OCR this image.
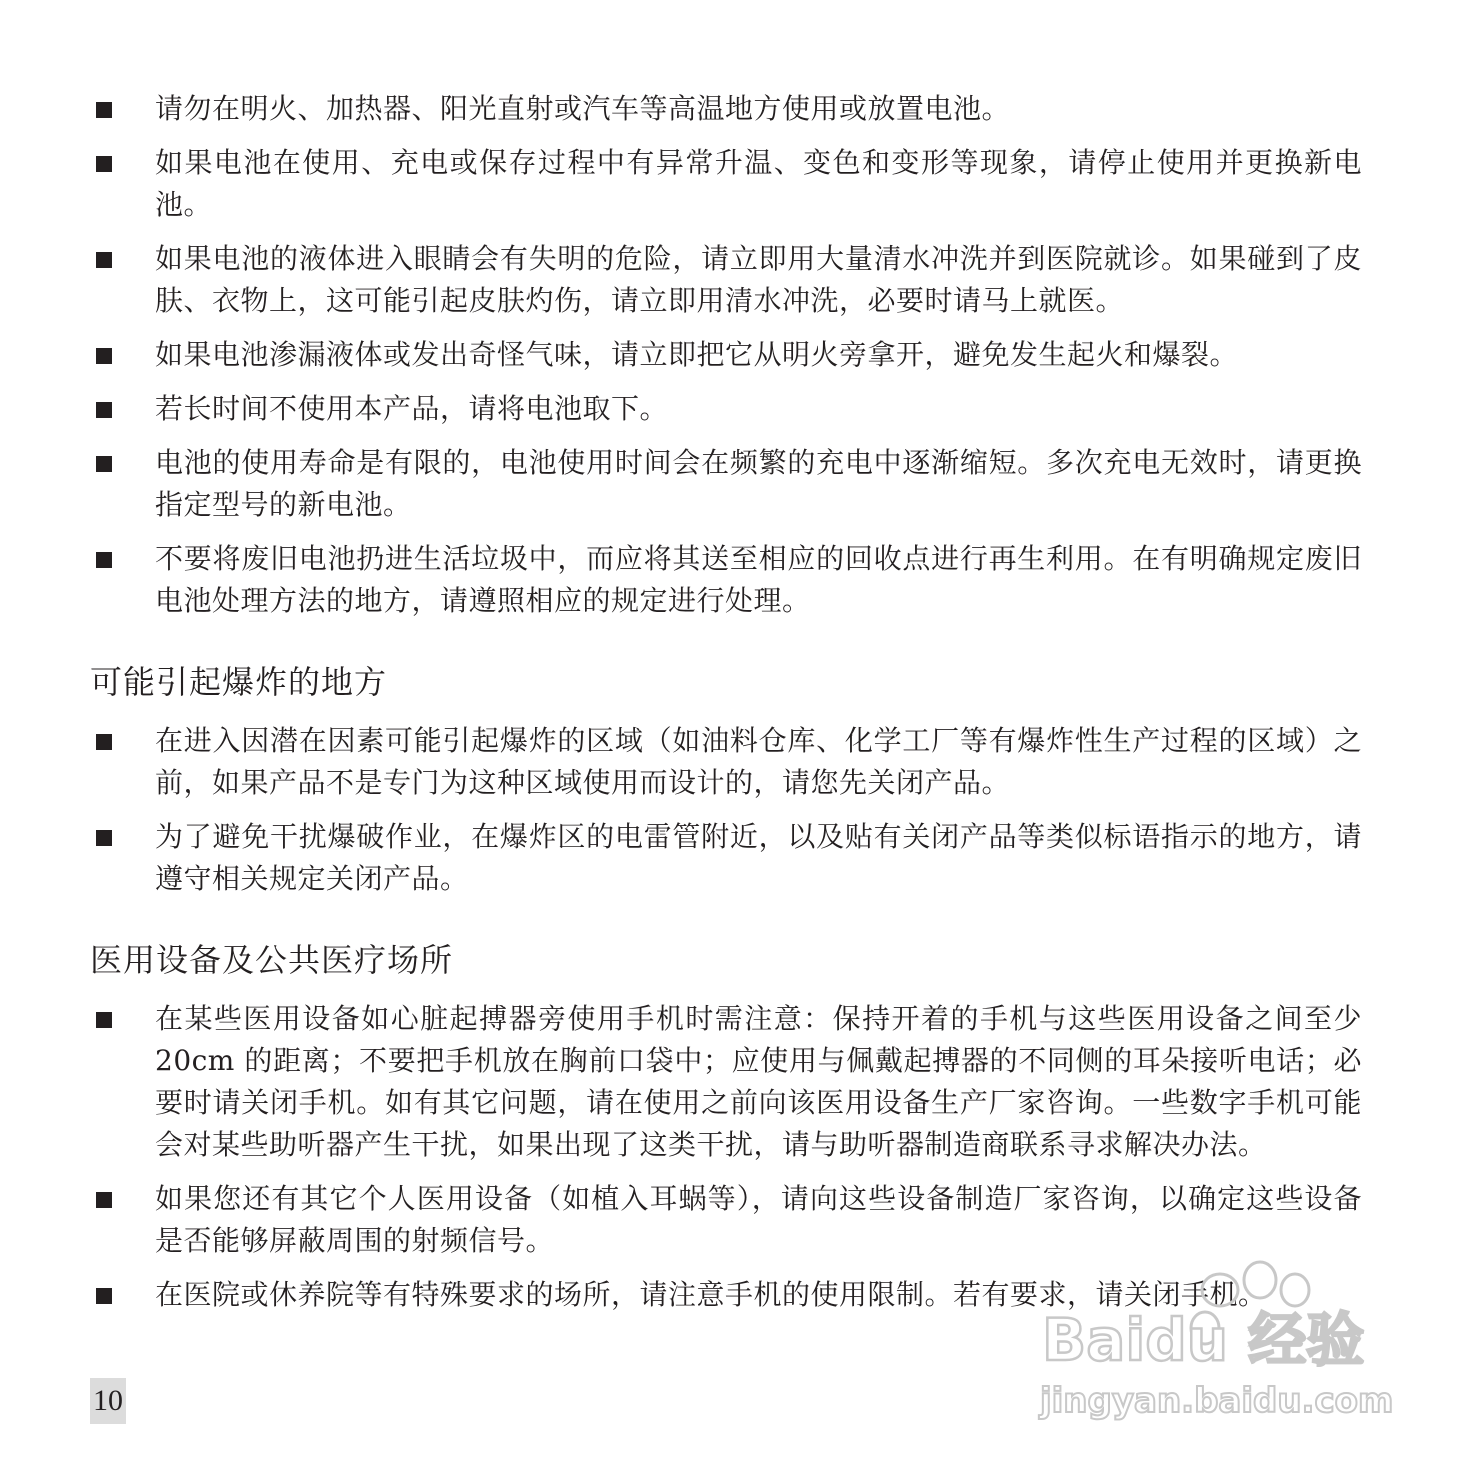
请勿在明火、加热器、阳光直射或汽车等高温地方使用或放置电池。
如果电池在使用、充电或保存过程中有异常升温、变色和变形等现象，请停止使用并更换新电池。
如果电池的液体进入眼睛会有失明的危险，请立即用大量清水冲洗并到医院就诊。如果碰到了皮肤、衣物上，这可能引起皮肤灼伤，请立即用清水冲洗，必要时请马上就医。
如果电池渗漏液体或发出奇怪气味，请立即把它从明火旁拿开，避免发生起火和爆裂。
若长时间不使用本产品，请将电池取下。
电池的使用寿命是有限的，电池使用时间会在频繁的充电中逐渐缩短。多次充电无效时，请更换指定型号的新电池。
不要将废旧电池扔进生活垃圾中，而应将其送至相应的回收点进行再生利用。在有明确规定废旧电池处理方法的地方，请遵照相应的规定进行处理。
可能引起爆炸的地方
在进入因潜在因素可能引起爆炸的区域（如油料仓库、化学工厂等有爆炸性生产过程的区域）之前，如果产品不是专门为这种区域使用而设计的，请您先关闭产品。
为了避免干扰爆破作业，在爆炸区的电雷管附近，以及贴有关闭产品等类似标语指示的地方，请遵守相关规定关闭产品。
医用设备及公共医疗场所
在某些医用设备如心脏起搏器旁使用手机时需注意：保持开着的手机与这些医用设备之间至少 20cm 的距离；不要把手机放在胸前口袋中；应使用与佩戴起搏器的不同侧的耳朵接听电话；必要时请关闭手机。如有其它问题，请在使用之前向该医用设备生产厂家咨询。一些数字手机可能会对某些助听器产生干扰，如果出现了这类干扰，请与助听器制造商联系寻求解决办法。
如果您还有其它个人医用设备（如植入耳蜗等），请向这些设备制造厂家咨询，以确定这些设备是否能够屏蔽周围的射频信号。
在医院或休养院等有特殊要求的场所，请注意手机的使用限制。若有要求，请关闭手机。
10
Baidu 经验
jingyan.baidu.com
